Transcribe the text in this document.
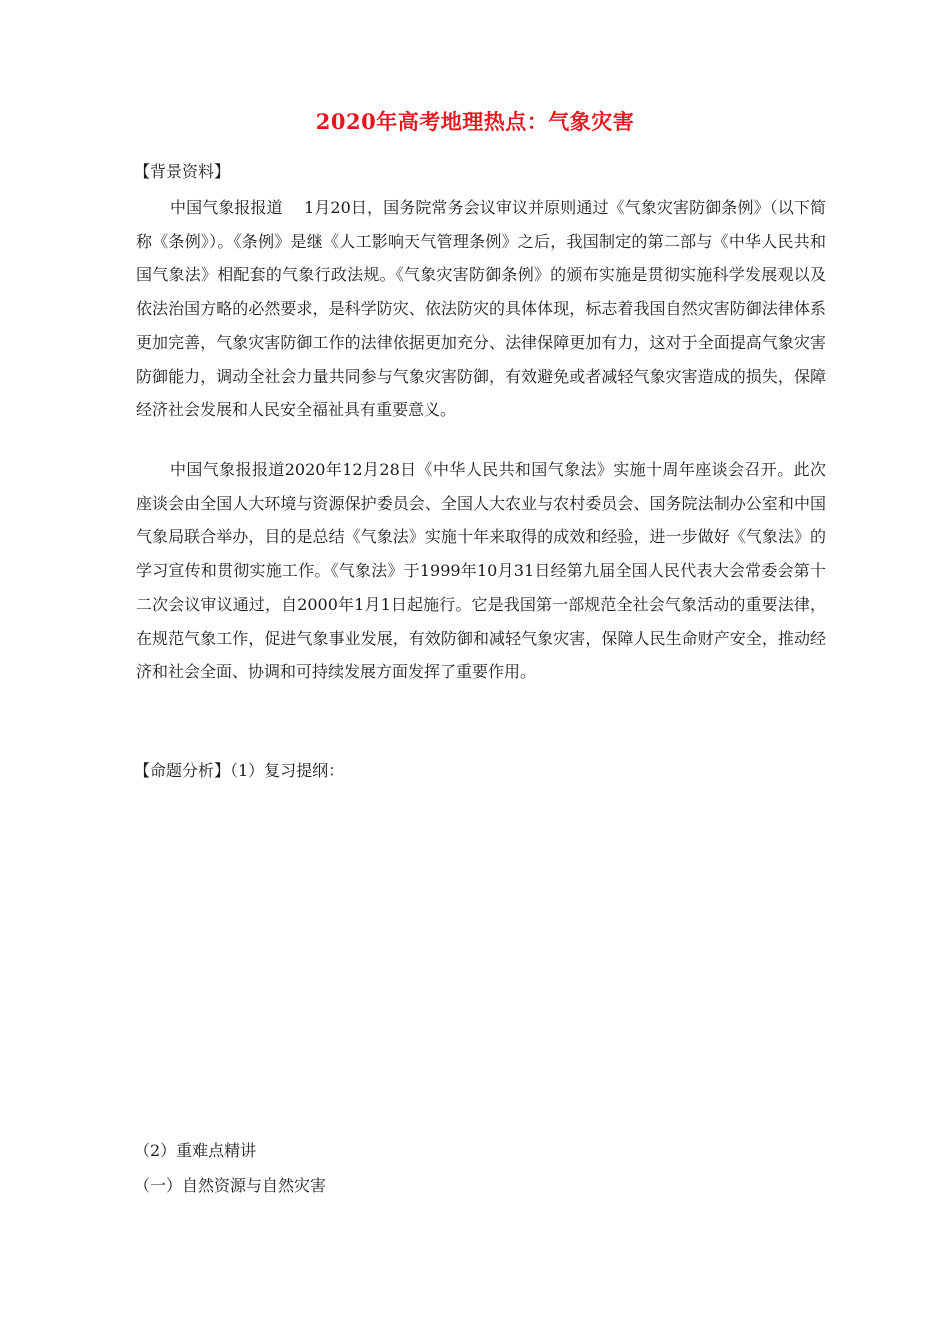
2020年高考地理热点：气象灾害
【背景资料】

中国气象报报道　 1月20日，国务院常务会议审议并原则通过《气象灾害防御条例》（以下简称《条例》）。《条例》是继《人工影响天气管理条例》之后，我国制定的第二部与《中华人民共和国气象法》相配套的气象行政法规。《气象灾害防御条例》的颁布实施是贯彻实施科学发展观以及依法治国方略的必然要求，是科学防灾、依法防灾的具体体现，标志着我国自然灾害防御法律体系更加完善，气象灾害防御工作的法律依据更加充分、法律保障更加有力，这对于全面提高气象灾害防御能力，调动全社会力量共同参与气象灾害防御，有效避免或者减轻气象灾害造成的损失，保障经济社会发展和人民安全福祉具有重要意义。

中国气象报报道2020年12月28日《中华人民共和国气象法》实施十周年座谈会召开。此次座谈会由全国人大环境与资源保护委员会、全国人大农业与农村委员会、国务院法制办公室和中国气象局联合举办，目的是总结《气象法》实施十年来取得的成效和经验，进一步做好《气象法》的学习宣传和贯彻实施工作。《气象法》于1999年10月31日经第九届全国人民代表大会常委会第十二次会议审议通过，自2000年1月1日起施行。它是我国第一部规范全社会气象活动的重要法律，在规范气象工作，促进气象事业发展，有效防御和减轻气象灾害，保障人民生命财产安全，推动经济和社会全面、协调和可持续发展方面发挥了重要作用。

【命题分析】（1）复习提纲：
（2）重难点精讲
（一）自然资源与自然灾害
